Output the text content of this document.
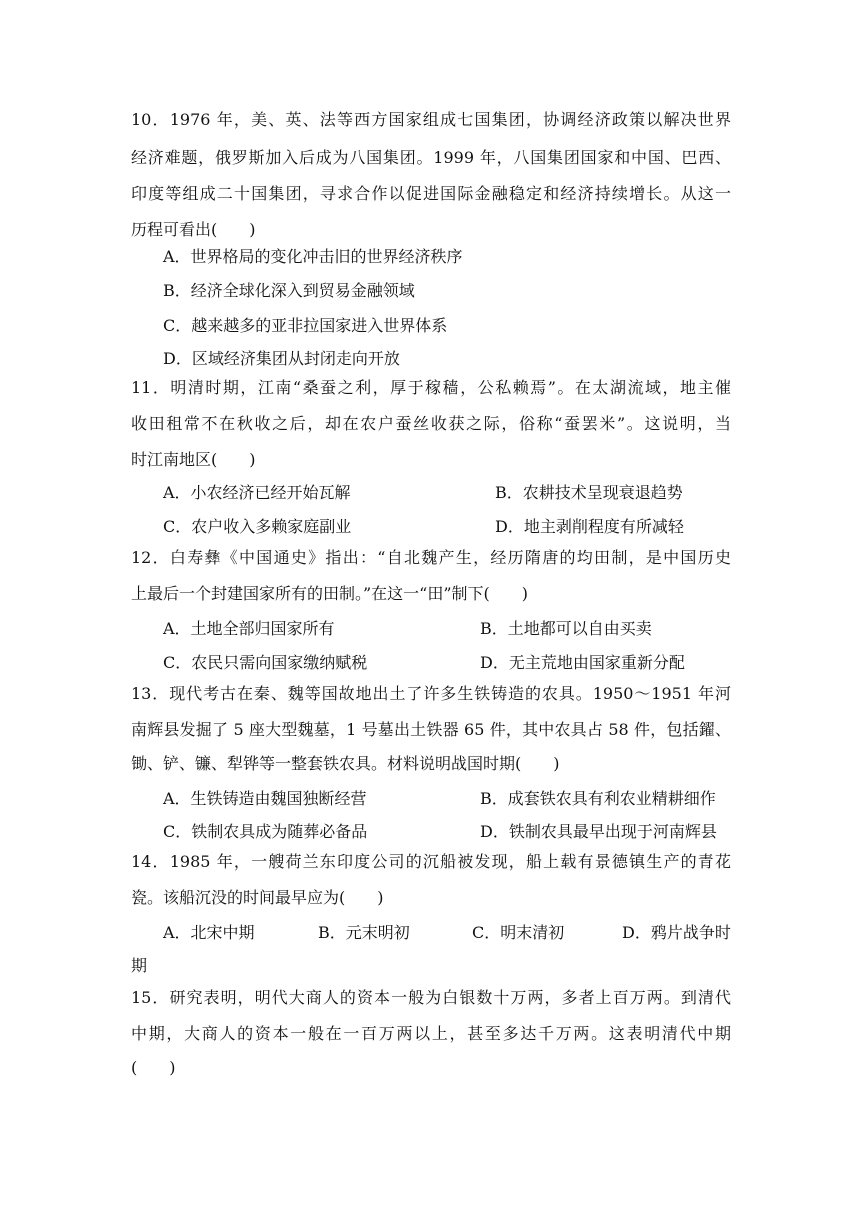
10．1976 年，美、英、法等西方国家组成七国集团，协调经济政策以解决世界
经济难题，俄罗斯加入后成为八国集团。1999 年，八国集团国家和中国、巴西、
印度等组成二十国集团，寻求合作以促进国际金融稳定和经济持续增长。从这一
历程可看出(　　)
A．世界格局的变化冲击旧的世界经济秩序
B．经济全球化深入到贸易金融领域
C．越来越多的亚非拉国家进入世界体系
D．区域经济集团从封闭走向开放
11．明清时期，江南“桑蚕之利，厚于稼穑，公私赖焉”。在太湖流域，地主催
收田租常不在秋收之后，却在农户蚕丝收获之际，俗称“蚕罢米”。这说明，当
时江南地区(　　)
A．小农经济已经开始瓦解	B．农耕技术呈现衰退趋势
C．农户收入多赖家庭副业	D．地主剥削程度有所减轻
12．白寿彝《中国通史》指出：“自北魏产生，经历隋唐的均田制，是中国历史
上最后一个封建国家所有的田制。”在这一“田”制下(　　)
A．土地全部归国家所有	B．土地都可以自由买卖
C．农民只需向国家缴纳赋税	D．无主荒地由国家重新分配
13．现代考古在秦、魏等国故地出土了许多生铁铸造的农具。1950～1951 年河
南辉县发掘了 5 座大型魏墓，1 号墓出土铁器 65 件，其中农具占 58 件，包括鑃、
锄、铲、镰、犁铧等一整套铁农具。材料说明战国时期(　　)
A．生铁铸造由魏国独断经营	B．成套铁农具有利农业精耕细作
C．铁制农具成为随葬必备品	D．铁制农具最早出现于河南辉县
14．1985 年，一艘荷兰东印度公司的沉船被发现，船上载有景德镇生产的青花
瓷。该船沉没的时间最早应为(　　)
A．北宋中期	B．元末明初	C．明末清初	D．鸦片战争时
期
15．研究表明，明代大商人的资本一般为白银数十万两，多者上百万两。到清代
中期，大商人的资本一般在一百万两以上，甚至多达千万两。这表明清代中期
(　　)
